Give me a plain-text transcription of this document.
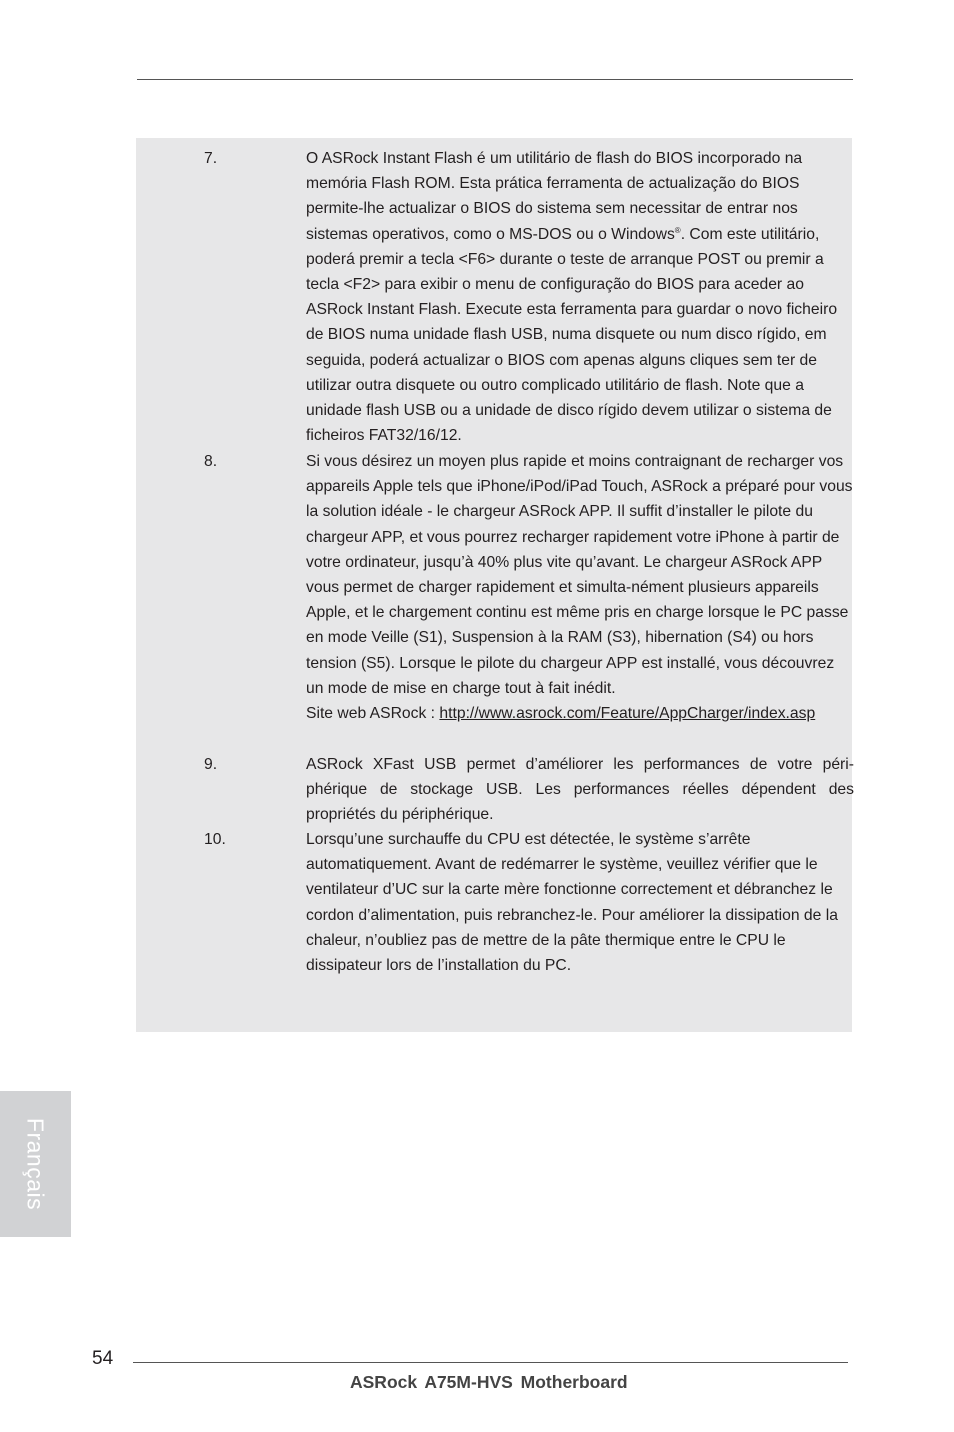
7.	O ASRock Instant Flash é um utilitário de flash do BIOS incorporado na memória Flash ROM. Esta prática ferramenta de actualização do BIOS permite-lhe actualizar o BIOS do sistema sem necessitar de entrar nos sistemas operativos, como o MS-DOS ou o Windows®. Com este utilitário, poderá premir a tecla <F6> durante o teste de arranque POST ou premir a tecla <F2> para exibir o menu de configuração do BIOS para aceder ao ASRock Instant Flash. Execute esta ferramenta para guardar o novo ficheiro de BIOS numa unidade flash USB, numa disquete ou num disco rígido, em seguida, poderá actualizar o BIOS com apenas alguns cliques sem ter de utilizar outra disquete ou outro complicado utilitário de flash. Note que a unidade flash USB ou a unidade de disco rígido devem utilizar o sistema de ficheiros FAT32/16/12.
8.	Si vous désirez un moyen plus rapide et moins contraignant de recharger vos appareils Apple tels que iPhone/iPod/iPad Touch, ASRock a préparé pour vous la solution idéale - le chargeur ASRock APP. Il suffit d’installer le pilote du chargeur APP, et vous pourrez recharger rapidement votre iPhone à partir de votre ordinateur, jusqu’à 40% plus vite qu’avant. Le chargeur ASRock APP vous permet de charger rapidement et simulta-nément plusieurs appareils Apple, et le chargement continu est même pris en charge lorsque le PC passe en mode Veille (S1), Suspension à la RAM (S3), hibernation (S4) ou hors tension (S5). Lorsque le pilote du chargeur APP est installé, vous découvrez un mode de mise en charge tout à fait inédit.
Site web ASRock : http://www.asrock.com/Feature/AppCharger/index.asp
9.	ASRock XFast USB permet d’améliorer les performances de votre péri-phérique de stockage USB. Les performances réelles dépendent des propriétés du périphérique.
10.	Lorsqu’une surchauffe du CPU est détectée, le système s’arrête automatiquement. Avant de redémarrer le système, veuillez vérifier que le ventilateur d’UC sur la carte mère fonctionne correctement et débranchez le cordon d’alimentation, puis rebranchez-le. Pour améliorer la dissipation de la chaleur, n’oubliez pas de mettre de la pâte thermique entre le CPU le dissipateur lors de l’installation du PC.
Français
54
ASRock A75M-HVS Motherboard
